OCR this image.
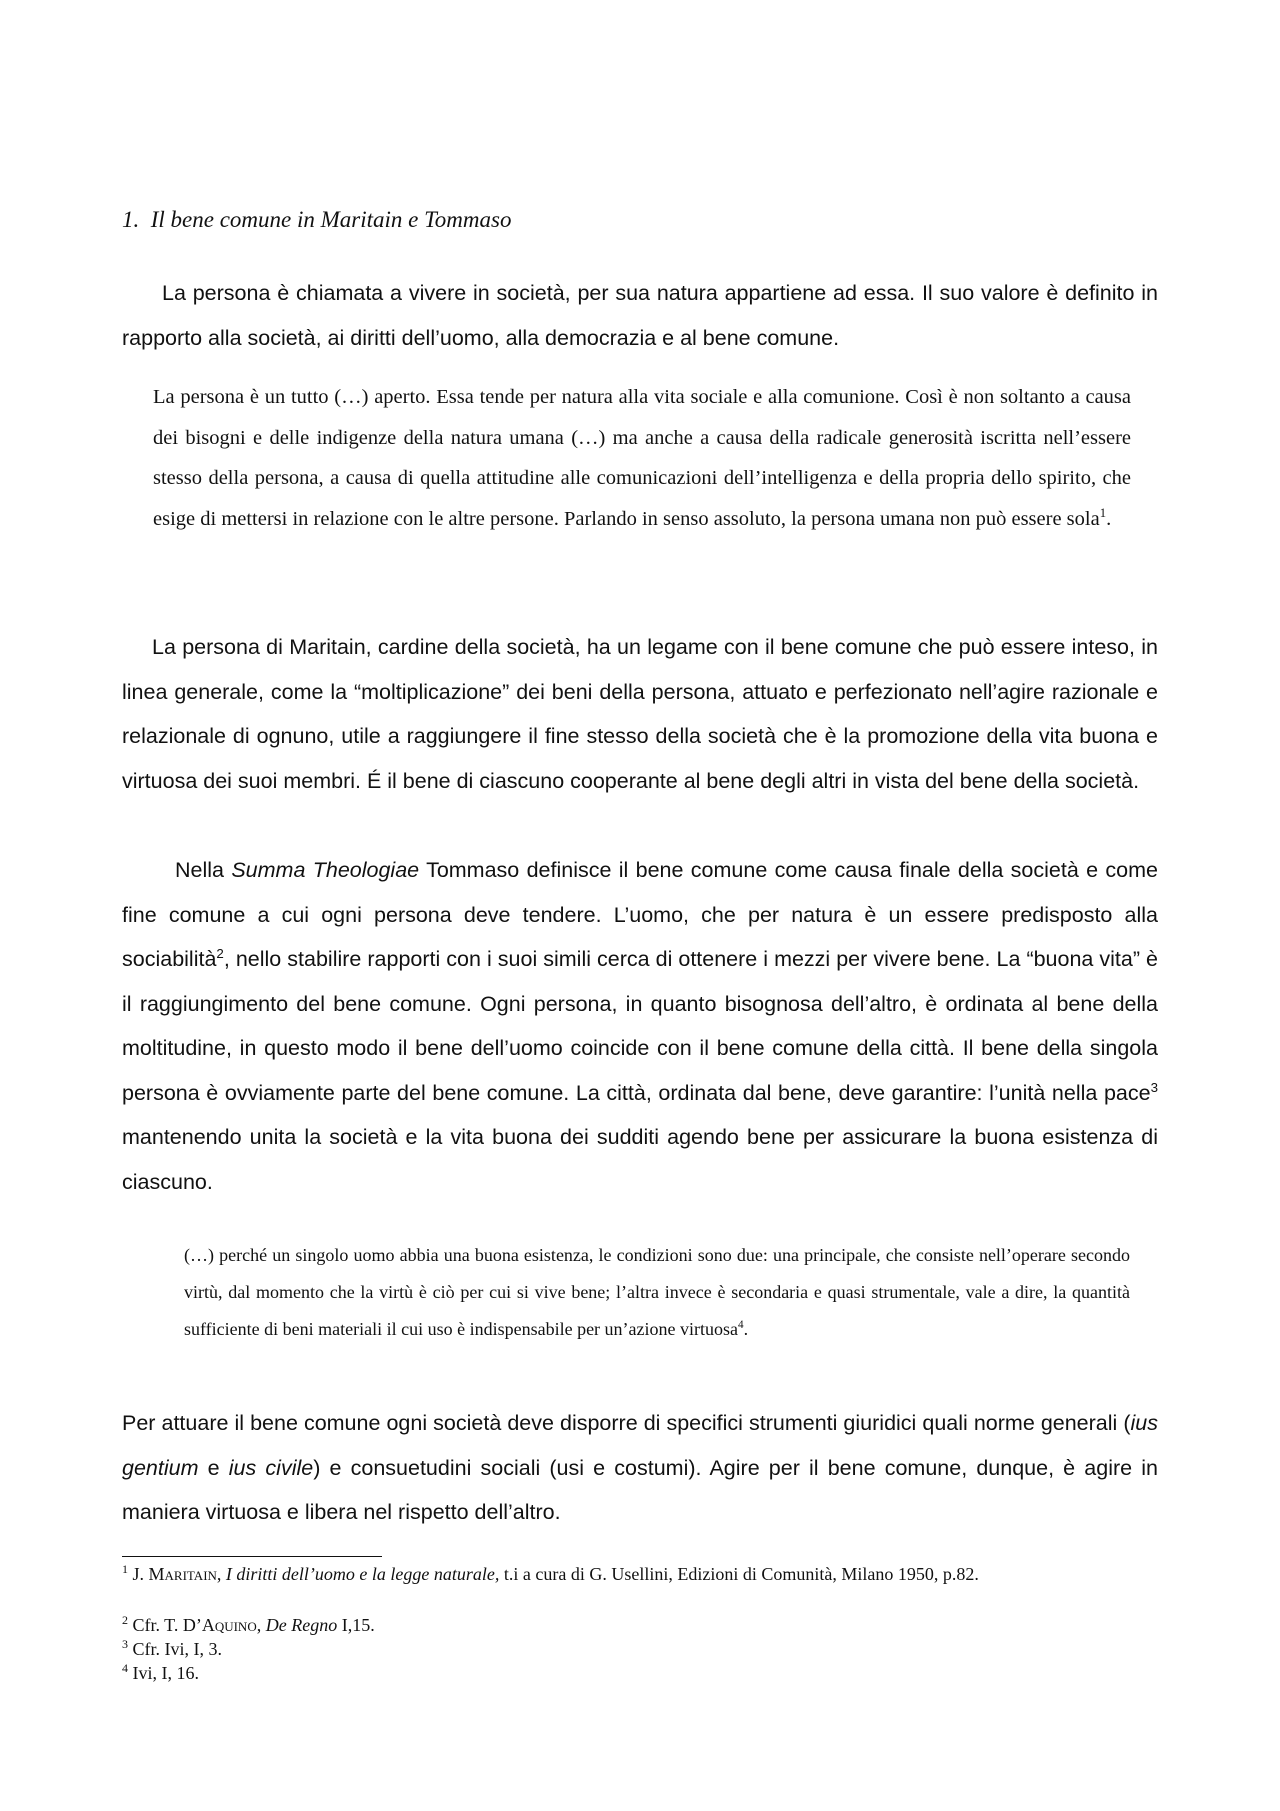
1. Il bene comune in Maritain e Tommaso

La persona è chiamata a vivere in società, per sua natura appartiene ad essa. Il suo valore è definito in rapporto alla società, ai diritti dell’uomo, alla democrazia e al bene comune.

La persona è un tutto (…) aperto. Essa tende per natura alla vita sociale e alla comunione. Così è non soltanto a causa dei bisogni e delle indigenze della natura umana (…) ma anche a causa della radicale generosità iscritta nell’essere stesso della persona, a causa di quella attitudine alle comunicazioni dell’intelligenza e della propria dello spirito, che esige di mettersi in relazione con le altre persone. Parlando in senso assoluto, la persona umana non può essere sola$^1$.

La persona di Maritain, cardine della società, ha un legame con il bene comune che può essere inteso, in linea generale, come la “moltiplicazione” dei beni della persona, attuato e perfezionato nell’agire razionale e relazionale di ognuno, utile a raggiungere il fine stesso della società che è la promozione della vita buona e virtuosa dei suoi membri. É il bene di ciascuno cooperante al bene degli altri in vista del bene della società.

Nella Summa Theologiae Tommaso definisce il bene comune come causa finale della società e come fine comune a cui ogni persona deve tendere. L’uomo, che per natura è un essere predisposto alla sociabilità$^2$, nello stabilire rapporti con i suoi simili cerca di ottenere i mezzi per vivere bene. La “buona vita” è il raggiungimento del bene comune. Ogni persona, in quanto bisognosa dell’altro, è ordinata al bene della moltitudine, in questo modo il bene dell’uomo coincide con il bene comune della città. Il bene della singola persona è ovviamente parte del bene comune. La città, ordinata dal bene, deve garantire: l’unità nella pace$^3$ mantenendo unita la società e la vita buona dei sudditi agendo bene per assicurare la buona esistenza di ciascuno.

(…) perché un singolo uomo abbia una buona esistenza, le condizioni sono due: una principale, che consiste nell’operare secondo virtù, dal momento che la virtù è ciò per cui si vive bene; l’altra invece è secondaria e quasi strumentale, vale a dire, la quantità sufficiente di beni materiali il cui uso è indispensabile per un’azione virtuosa$^4$.

Per attuare il bene comune ogni società deve disporre di specifici strumenti giuridici quali norme generali (ius gentium e ius civile) e consuetudini sociali (usi e costumi). Agire per il bene comune, dunque, è agire in maniera virtuosa e libera nel rispetto dell’altro.

$^1$ J. Maritain, I diritti dell’uomo e la legge naturale, t.i a cura di G. Usellini, Edizioni di Comunità, Milano 1950, p.82.

$^2$ Cfr. T. D’Aquino, De Regno I,15.

$^3$ Cfr. Ivi, I, 3.

$^4$ Ivi, I, 16.
